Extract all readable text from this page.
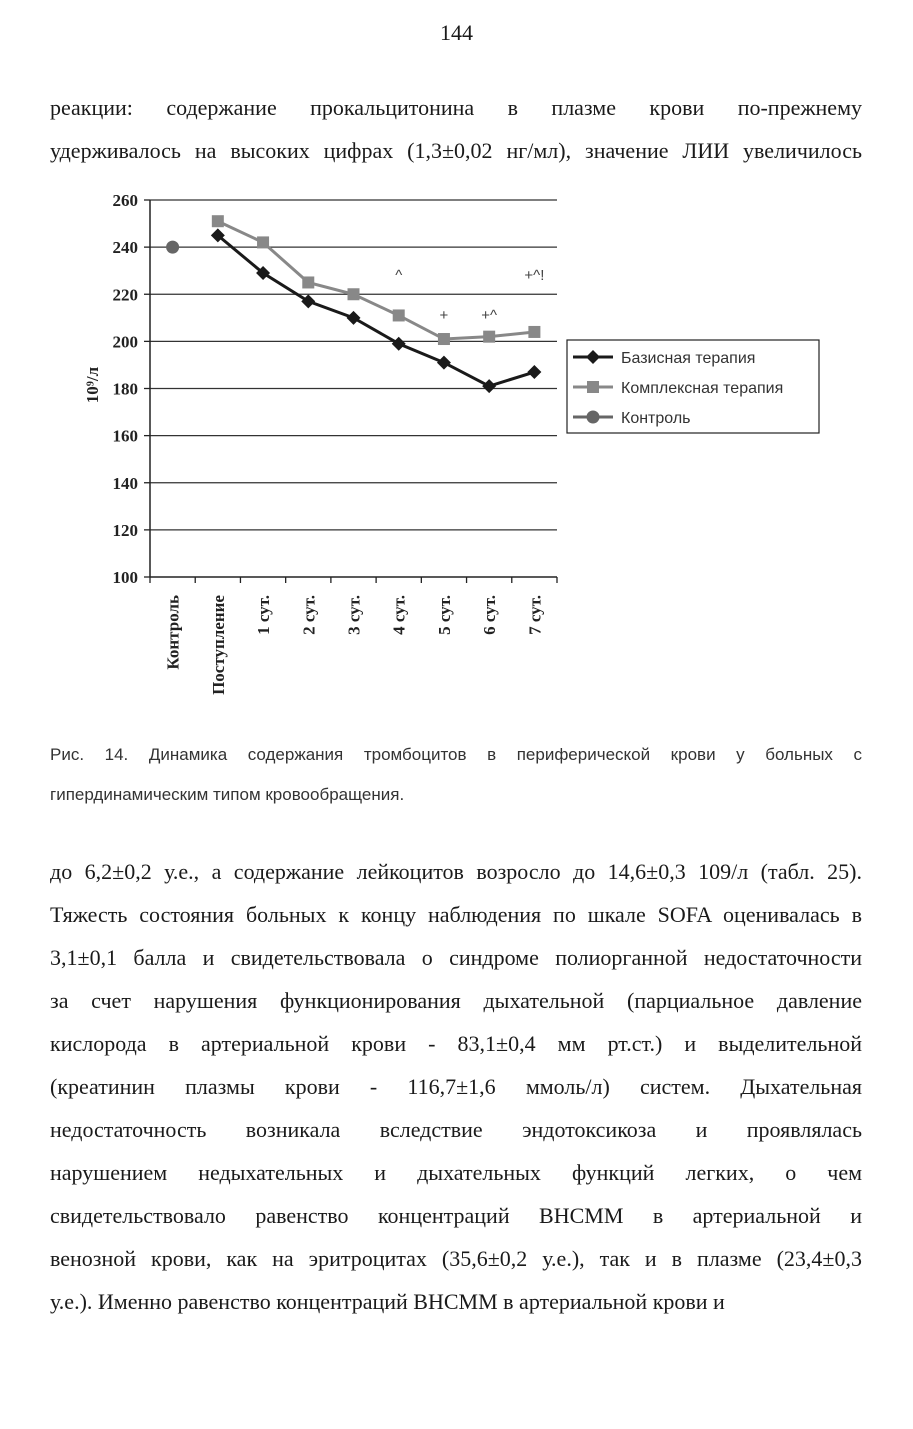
144
реакции: содержание прокальцитонина в плазме крови по-прежнему
удерживалось на высоких цифрах (1,3±0,02 нг/мл), значение ЛИИ увеличилось
100
120
140
160
180
200
220
240
260
Контроль Поступление 1 сут. 2 сут. 3 сут. 4 сут. 5 сут. 6 сут. 7 сут.
^
+ +^
+^!
Базисная терапия
Комплексная терапия
Контроль
10⁹/л
Рис. 14. Динамика содержания тромбоцитов в периферической крови у больных с
гипердинамическим типом кровообращения.
до 6,2±0,2 у.е., а содержание лейкоцитов возросло до 14,6±0,3 109/л (табл. 25).
Тяжесть состояния больных к концу наблюдения по шкале SOFA оценивалась в
3,1±0,1 балла и свидетельствовала о синдроме полиорганной недостаточности
за счет нарушения функционирования дыхательной (парциальное давление
кислорода в артериальной крови - 83,1±0,4 мм рт.ст.) и выделительной
(креатинин плазмы крови - 116,7±1,6 ммоль/л) систем. Дыхательная
недостаточность возникала вследствие эндотоксикоза и проявлялась
нарушением недыхательных и дыхательных функций легких, о чем
свидетельствовало равенство концентраций ВНСММ в артериальной и
венозной крови, как на эритроцитах (35,6±0,2 у.е.), так и в плазме (23,4±0,3
у.е.). Именно равенство концентраций ВНСММ в артериальной крови и
